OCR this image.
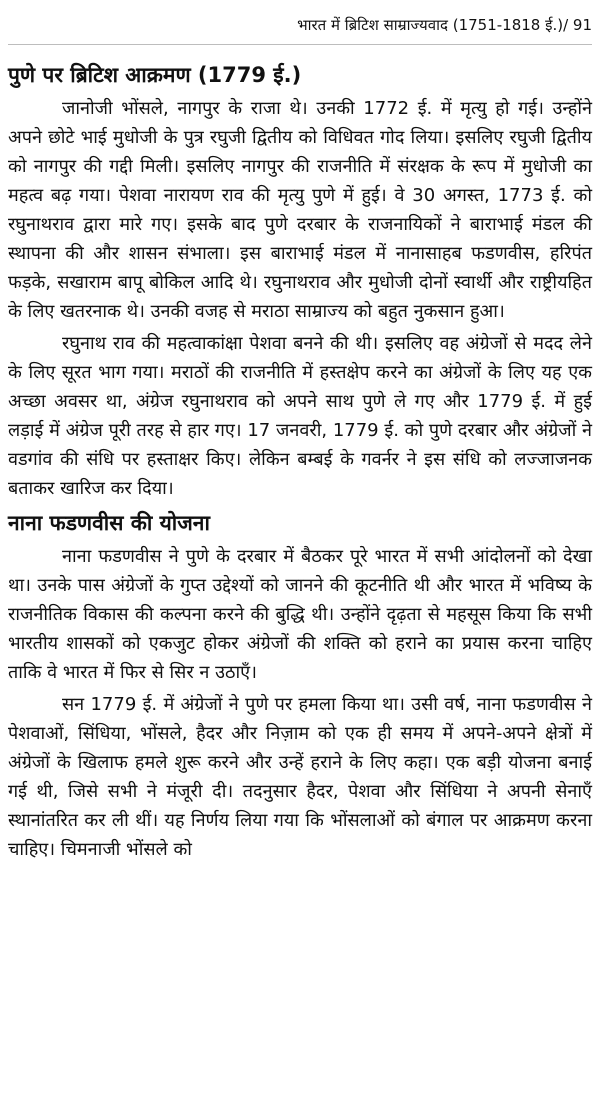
भारत में ब्रिटिश साम्राज्यवाद (1751-1818 ई.)/ 91
पुणे पर ब्रिटिश आक्रमण (1779 ई.)

जानोजी भोंसले, नागपुर के राजा थे। उनकी 1772 ई. में मृत्यु हो गई। उन्होंने अपने छोटे भाई मुधोजी के पुत्र रघुजी द्वितीय को विधिवत गोद लिया। इसलिए रघुजी द्वितीय को नागपुर की गद्दी मिली। इसलिए नागपुर की राजनीति में संरक्षक के रूप में मुधोजी का महत्व बढ़ गया। पेशवा नारायण राव की मृत्यु पुणे में हुई। वे 30 अगस्त, 1773 ई. को रघुनाथराव द्वारा मारे गए। इसके बाद पुणे दरबार के राजनायिकों ने बाराभाई मंडल की स्थापना की और शासन संभाला। इस बाराभाई मंडल में नानासाहब फडणवीस, हरिपंत फड़के, सखाराम बापू बोकिल आदि थे। रघुनाथराव और मुधोजी दोनों स्वार्थी और राष्ट्रीयहित के लिए खतरनाक थे। उनकी वजह से मराठा साम्राज्य को बहुत नुकसान हुआ।

रघुनाथ राव की महत्वाकांक्षा पेशवा बनने की थी। इसलिए वह अंग्रेजों से मदद लेने के लिए सूरत भाग गया। मराठों की राजनीति में हस्तक्षेप करने का अंग्रेजों के लिए यह एक अच्छा अवसर था, अंग्रेज रघुनाथराव को अपने साथ पुणे ले गए और 1779 ई. में हुई लड़ाई में अंग्रेज पूरी तरह से हार गए। 17 जनवरी, 1779 ई. को पुणे दरबार और अंग्रेजों ने वडगांव की संधि पर हस्ताक्षर किए। लेकिन बम्बई के गवर्नर ने इस संधि को लज्जाजनक बताकर खारिज कर दिया।

नाना फडणवीस की योजना

नाना फडणवीस ने पुणे के दरबार में बैठकर पूरे भारत में सभी आंदोलनों को देखा था। उनके पास अंग्रेजों के गुप्त उद्देश्यों को जानने की कूटनीति थी और भारत में भविष्य के राजनीतिक विकास की कल्पना करने की बुद्धि थी। उन्होंने दृढ़ता से महसूस किया कि सभी भारतीय शासकों को एकजुट होकर अंग्रेजों की शक्ति को हराने का प्रयास करना चाहिए ताकि वे भारत में फिर से सिर न उठाएँ।

सन 1779 ई. में अंग्रेजों ने पुणे पर हमला किया था। उसी वर्ष, नाना फडणवीस ने पेशवाओं, सिंधिया, भोंसले, हैदर और निज़ाम को एक ही समय में अपने-अपने क्षेत्रों में अंग्रेजों के खिलाफ हमले शुरू करने और उन्हें हराने के लिए कहा। एक बड़ी योजना बनाई गई थी, जिसे सभी ने मंजूरी दी। तदनुसार हैदर, पेशवा और सिंधिया ने अपनी सेनाएँ स्थानांतरित कर ली थीं। यह निर्णय लिया गया कि भोंसलाओं को बंगाल पर आक्रमण करना चाहिए। चिमनाजी भोंसले को
